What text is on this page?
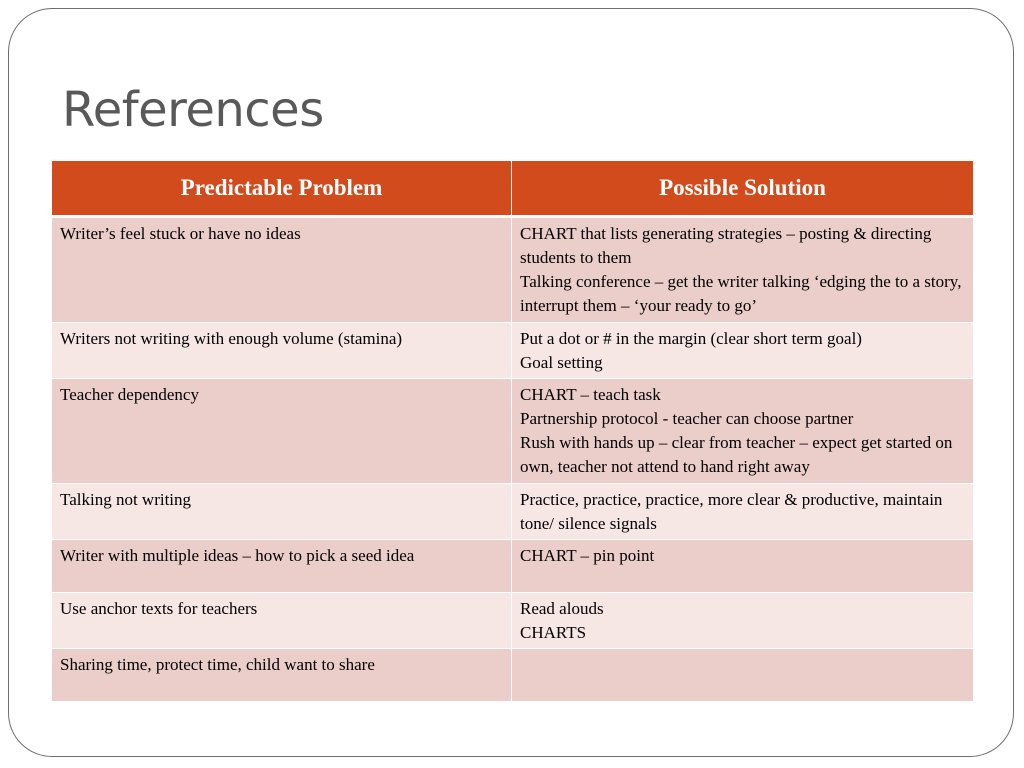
References
Predictable Problem	Possible Solution
Writer’s feel stuck or have no ideas	CHART that lists generating strategies – posting & directing students to them
Talking conference – get the writer talking ‘edging the to a story, interrupt them – ‘your ready to go’

Writers not writing with enough volume (stamina)	Put a dot or # in the margin (clear short term goal)
Goal setting

Teacher dependency	CHART – teach task
Partnership protocol - teacher can choose partner
Rush with hands up – clear from teacher – expect get started on own, teacher not attend to hand right away

Talking not writing	Practice, practice, practice, more clear & productive, maintain tone/ silence signals

Writer with multiple ideas – how to pick a seed idea	CHART – pin point

Use anchor texts for teachers	Read alouds
CHARTS

Sharing time, protect time, child want to share	
